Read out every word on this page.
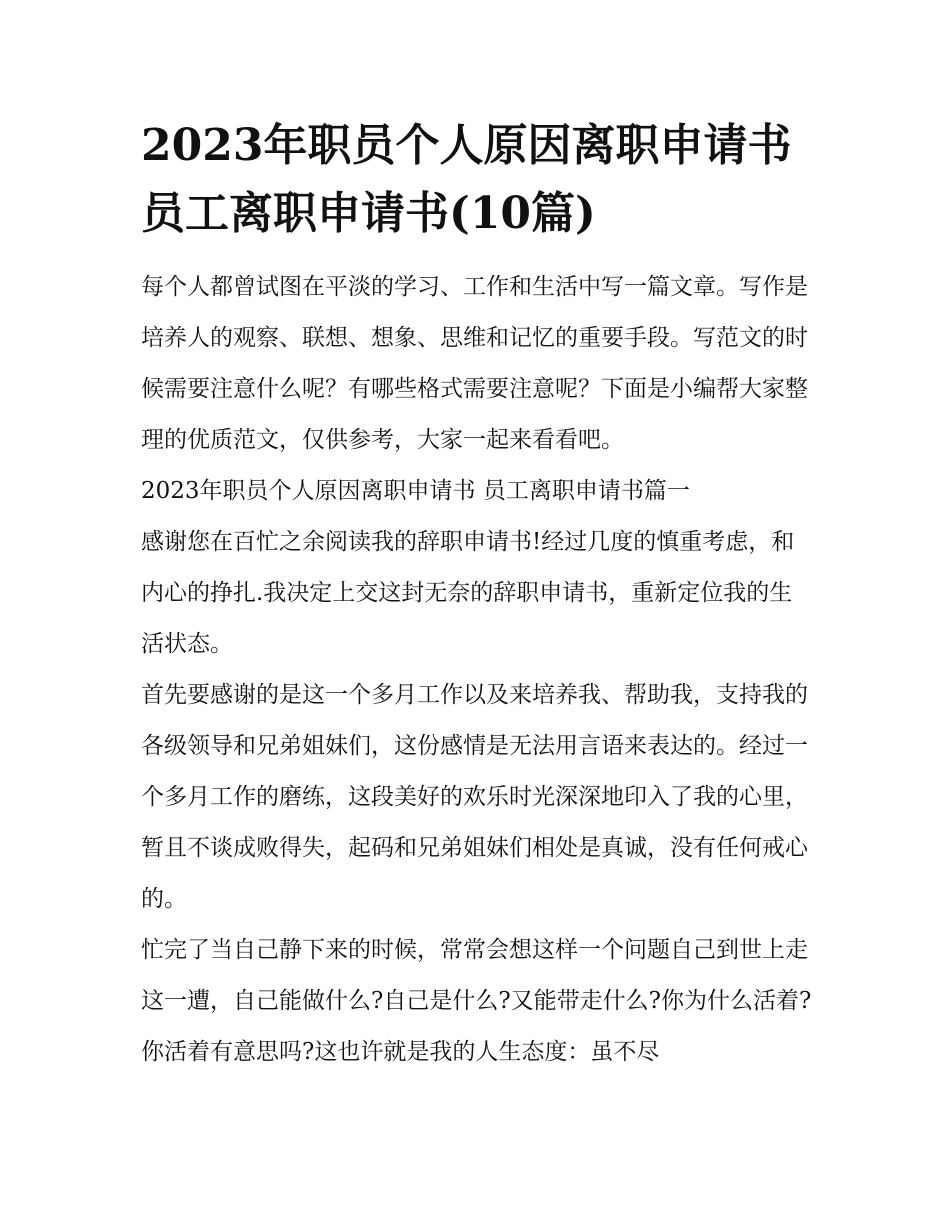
2023年职员个人原因离职申请书 员工离职申请书(10篇)

每个人都曾试图在平淡的学习、工作和生活中写一篇文章。写作是培养人的观察、联想、想象、思维和记忆的重要手段。写范文的时候需要注意什么呢？有哪些格式需要注意呢？下面是小编帮大家整理的优质范文，仅供参考，大家一起来看看吧。

2023年职员个人原因离职申请书 员工离职申请书篇一

感谢您在百忙之余阅读我的辞职申请书!经过几度的慎重考虑，和内心的挣扎.我决定上交这封无奈的辞职申请书，重新定位我的生活状态。

首先要感谢的是这一个多月工作以及来培养我、帮助我，支持我的各级领导和兄弟姐妹们，这份感情是无法用言语来表达的。经过一个多月工作的磨练，这段美好的欢乐时光深深地印入了我的心里，暂且不谈成败得失，起码和兄弟姐妹们相处是真诚，没有任何戒心的。

忙完了当自己静下来的时候，常常会想这样一个问题自己到世上走这一遭，自己能做什么?自己是什么?又能带走什么?你为什么活着?你活着有意思吗?这也许就是我的人生态度：虽不尽
